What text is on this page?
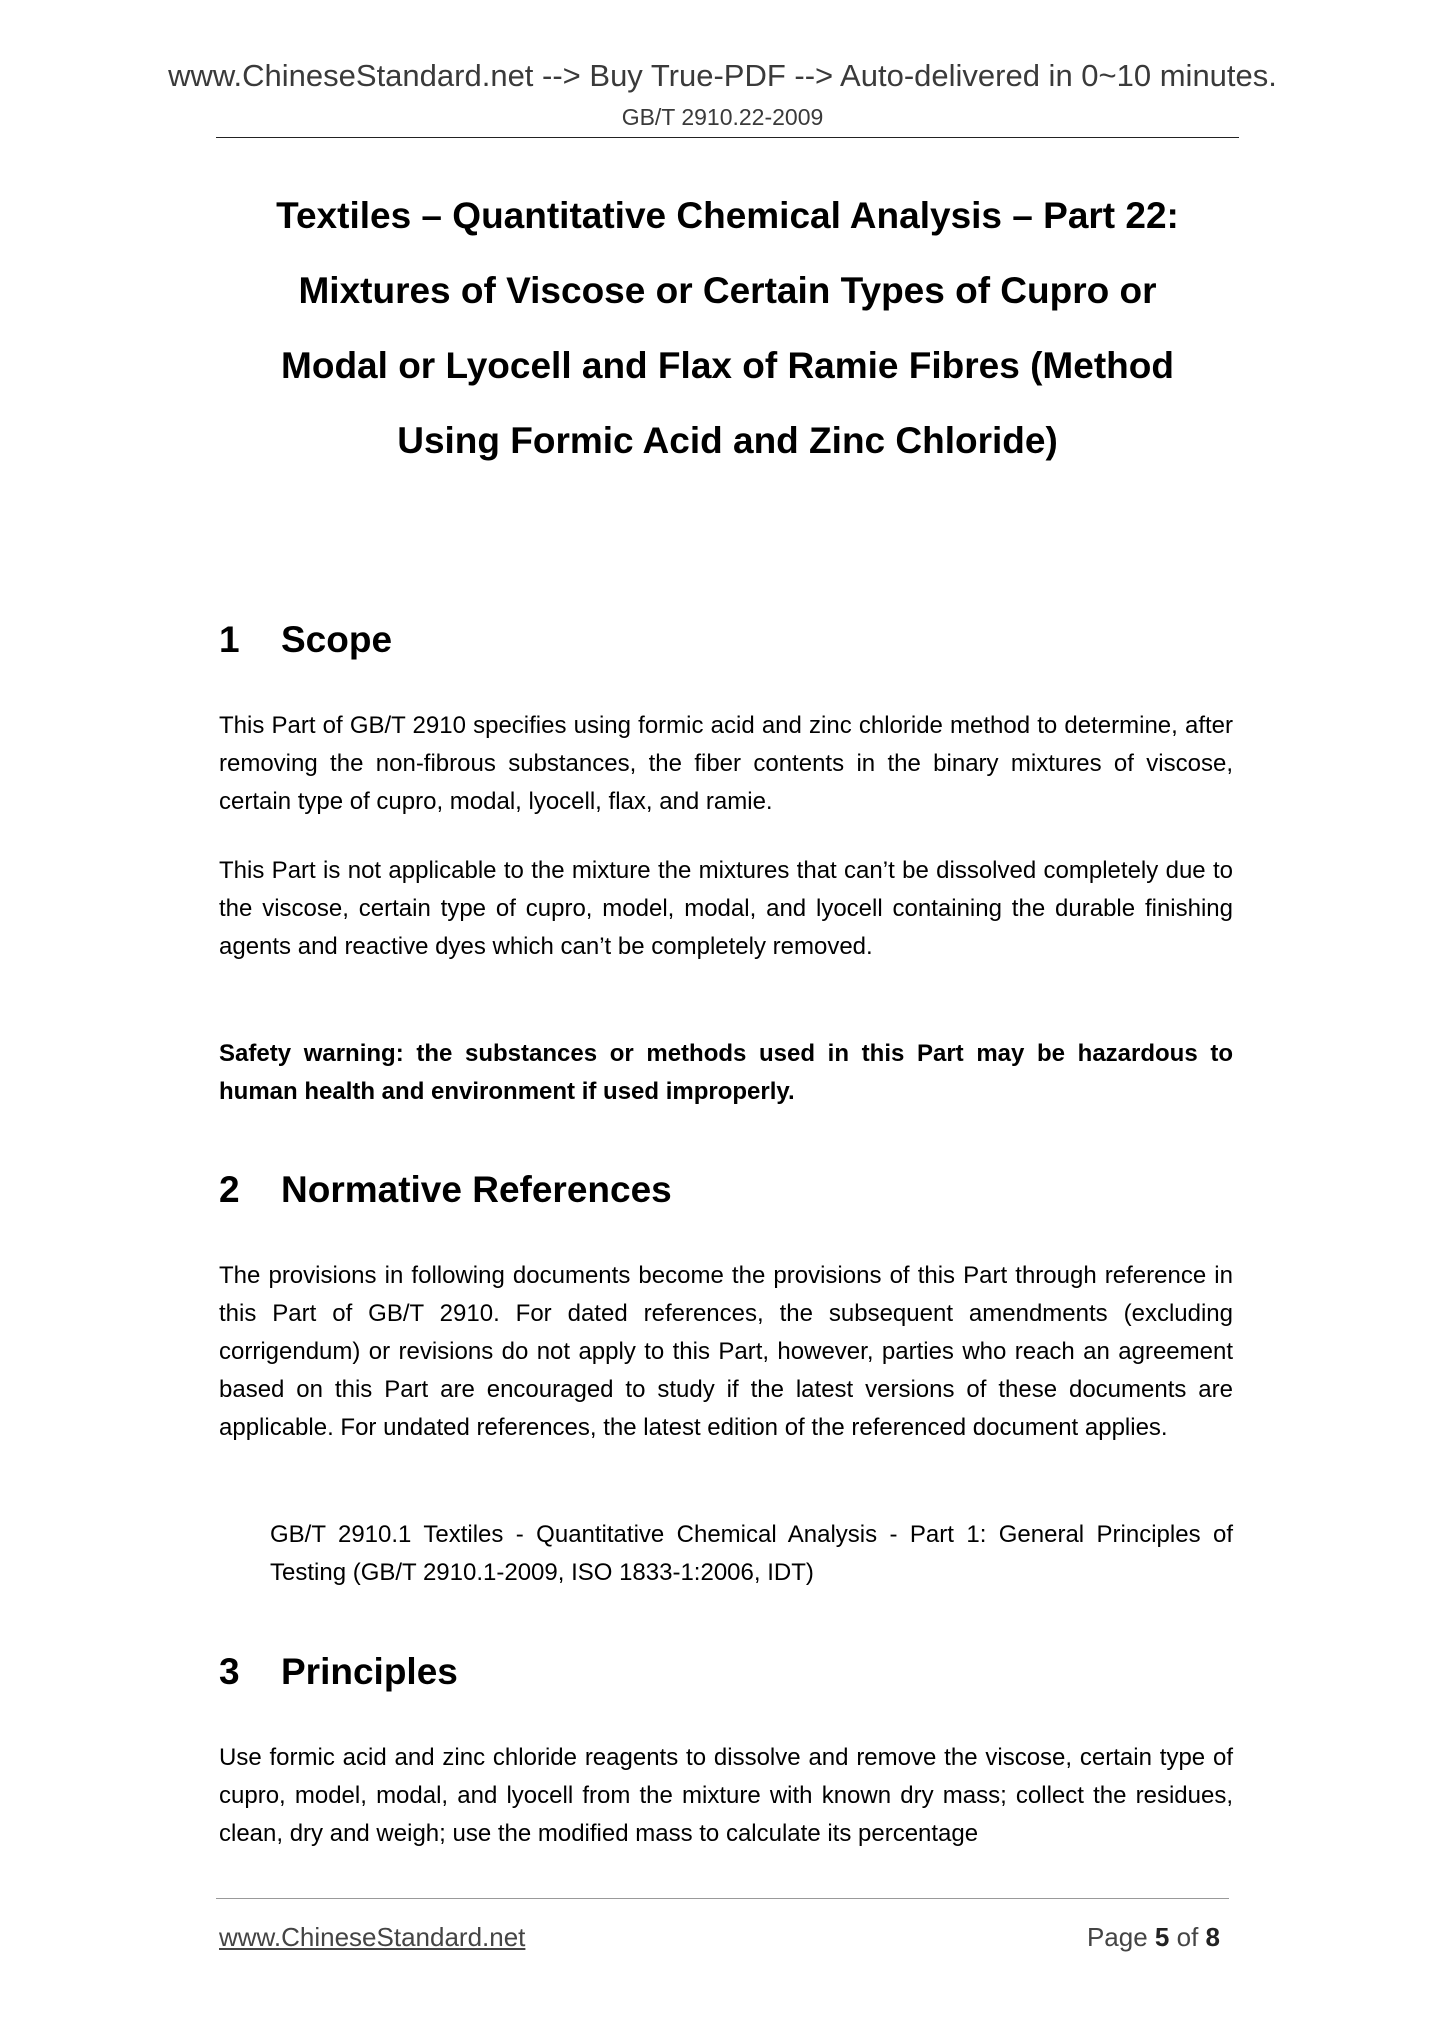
www.ChineseStandard.net --> Buy True-PDF --> Auto-delivered in 0~10 minutes.
GB/T 2910.22-2009
Textiles – Quantitative Chemical Analysis – Part 22:
Mixtures of Viscose or Certain Types of Cupro or
Modal or Lyocell and Flax of Ramie Fibres (Method
Using Formic Acid and Zinc Chloride)
1 Scope

This Part of GB/T 2910 specifies using formic acid and zinc chloride method to determine, after removing the non-fibrous substances, the fiber contents in the binary mixtures of viscose, certain type of cupro, modal, lyocell, flax, and ramie.

This Part is not applicable to the mixture the mixtures that can’t be dissolved completely due to the viscose, certain type of cupro, model, modal, and lyocell containing the durable finishing agents and reactive dyes which can’t be completely removed.

Safety warning: the substances or methods used in this Part may be hazardous to human health and environment if used improperly.

2 Normative References

The provisions in following documents become the provisions of this Part through reference in this Part of GB/T 2910. For dated references, the subsequent amendments (excluding corrigendum) or revisions do not apply to this Part, however, parties who reach an agreement based on this Part are encouraged to study if the latest versions of these documents are applicable. For undated references, the latest edition of the referenced document applies.

GB/T 2910.1 Textiles - Quantitative Chemical Analysis - Part 1: General Principles of Testing (GB/T 2910.1-2009, ISO 1833-1:2006, IDT)

3 Principles

Use formic acid and zinc chloride reagents to dissolve and remove the viscose, certain type of cupro, model, modal, and lyocell from the mixture with known dry mass; collect the residues, clean, dry and weigh; use the modified mass to calculate its percentage

www.ChineseStandard.net	Page 5 of 8
